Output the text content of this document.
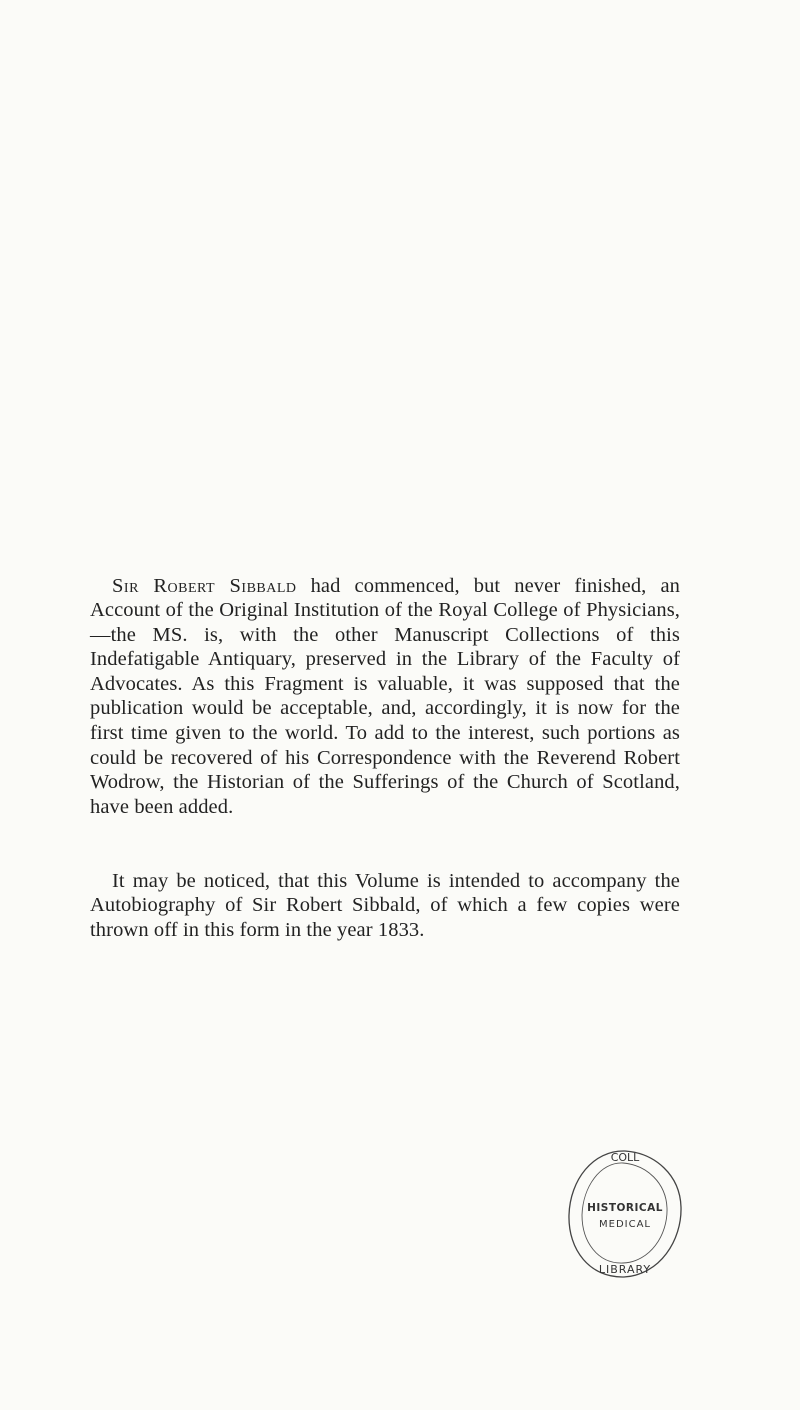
Sir Robert Sibbald had commenced, but never finished, an Account of the Original Institution of the Royal College of Physicians,—the MS. is, with the other Manuscript Collections of this Indefatigable Antiquary, preserved in the Library of the Faculty of Advocates. As this Fragment is valuable, it was supposed that the publication would be acceptable, and, accordingly, it is now for the first time given to the world. To add to the interest, such portions as could be recovered of his Correspondence with the Reverend Robert Wodrow, the Historian of the Sufferings of the Church of Scotland, have been added.

It may be noticed, that this Volume is intended to accompany the Autobiography of Sir Robert Sibbald, of which a few copies were thrown off in this form in the year 1833.

COLL
HISTORICAL
MEDICAL
LIBRARY
